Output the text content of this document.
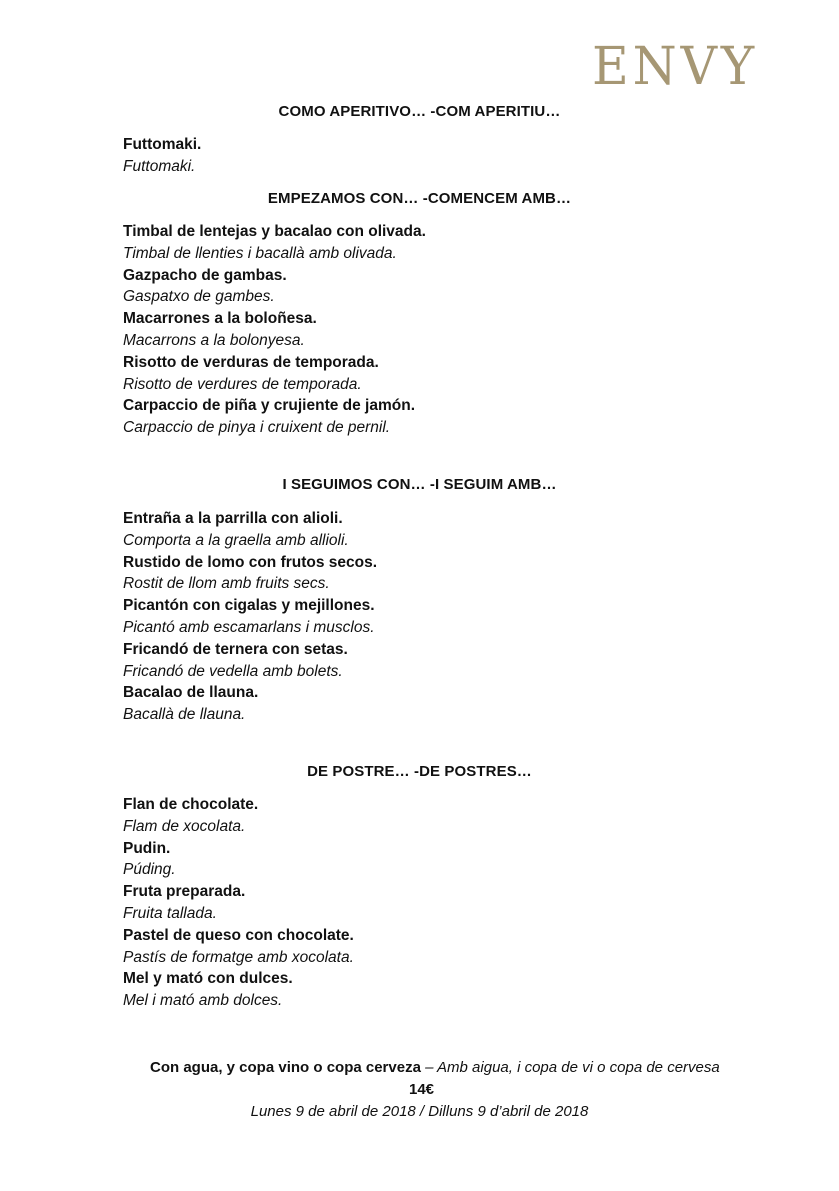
ENVY
COMO APERITIVO… -COM APERITIU…
Futtomaki.
Futtomaki.
EMPEZAMOS CON… -COMENCEM AMB…
Timbal de lentejas y bacalao con olivada.
Timbal de llenties i bacallà amb olivada.
Gazpacho de gambas.
Gaspatxo de gambes.
Macarrones a la boloñesa.
Macarrons a la bolonyesa.
Risotto de verduras de temporada.
Risotto de verdures de temporada.
Carpaccio de piña y crujiente de jamón.
Carpaccio de pinya i cruixent de pernil.
I SEGUIMOS CON… -I SEGUIM AMB…
Entraña a la parrilla con alioli.
Comporta a la graella amb allioli.
Rustido de lomo con frutos secos.
Rostit de llom amb fruits secs.
Picantón con cigalas y mejillones.
Picantó amb escamarlans i musclos.
Fricandó de ternera con setas.
Fricandó de vedella amb bolets.
Bacalao de llauna.
Bacallà de llauna.
DE POSTRE… -DE POSTRES…
Flan de chocolate.
Flam de xocolata.
Pudin.
Púding.
Fruta preparada.
Fruita tallada.
Pastel de queso con chocolate.
Pastís de formatge amb xocolata.
Mel y mató con dulces.
Mel i mató amb dolces.
Con agua, y copa vino o copa cerveza – Amb aigua, i copa de vi o copa de cervesa
14€
Lunes 9 de abril de 2018 / Dilluns 9 d’abril de 2018
